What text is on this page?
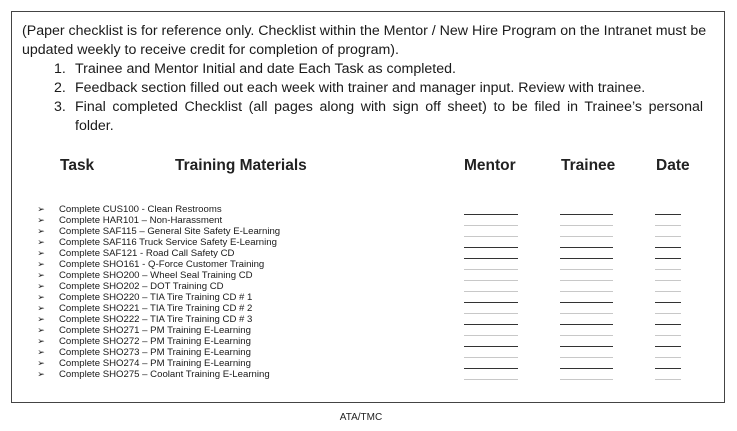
(Paper checklist is for reference only. Checklist within the Mentor / New Hire Program on the Intranet must be updated weekly to receive credit for completion of program).

1. Trainee and Mentor Initial and date Each Task as completed.
2. Feedback section filled out each week with trainer and manager input. Review with trainee.
3. Final completed Checklist (all pages along with sign off sheet) to be filed in Trainee’s personal folder.
Task	Training Materials	Mentor	Trainee	Date
➢ Complete CUS100 - Clean Restrooms
➢ Complete HAR101 – Non-Harassment
➢ Complete SAF115 – General Site Safety E-Learning
➢ Complete SAF116 Truck Service Safety E-Learning
➢ Complete SAF121 - Road Call Safety CD
➢ Complete SHO161 - Q-Force Customer Training
➢ Complete SHO200 – Wheel Seal Training CD
➢ Complete SHO202 – DOT Training CD
➢ Complete SHO220 – TIA Tire Training CD # 1
➢ Complete SHO221 – TIA Tire Training CD # 2
➢ Complete SHO222 – TIA Tire Training CD # 3
➢ Complete SHO271 – PM Training E-Learning
➢ Complete SHO272 – PM Training E-Learning
➢ Complete SHO273 – PM Training E-Learning
➢ Complete SHO274 – PM Training E-Learning
➢ Complete SHO275 – Coolant Training E-Learning
ATA/TMC
